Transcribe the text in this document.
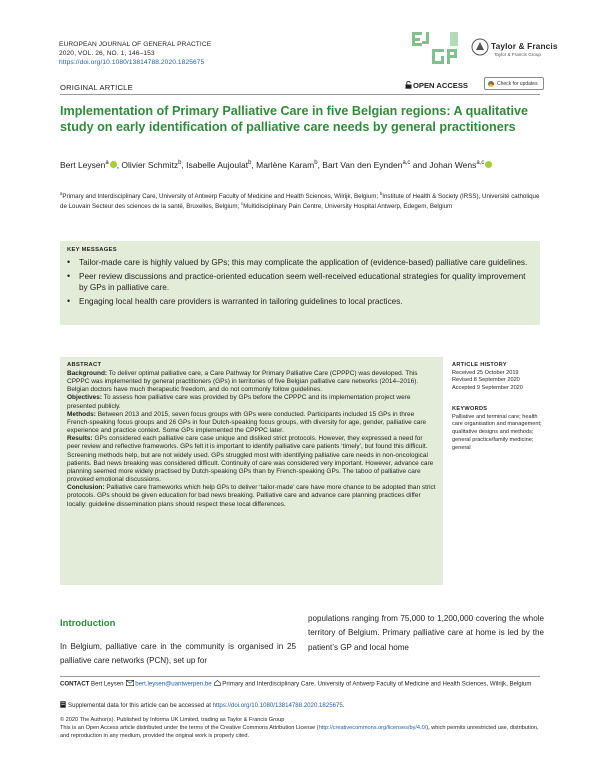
EUROPEAN JOURNAL OF GENERAL PRACTICE
2020, VOL. 26, NO. 1, 146–153
https://doi.org/10.1080/13814788.2020.1825675
Taylor & Francis
Taylor & Francis Group
ORIGINAL ARTICLE	OPEN ACCESS	Check for updates
Implementation of Primary Palliative Care in five Belgian regions: A qualitative study on early identification of palliative care needs by general practitioners
Bert Leysen$^a$ , Olivier Schmitz$^b$, Isabelle Aujoulat$^b$, Marlène Karam$^b$, Bart Van den Eynden$^{a,c}$ and Johan Wens$^{a,c}$
$^a$Primary and Interdisciplinary Care, University of Antwerp Faculty of Medicine and Health Sciences, Wilrijk, Belgium; $^b$Institute of Health & Society (IRSS), Université catholique de Louvain Secteur des sciences de la santé, Bruxelles, Belgium; $^c$Multidisciplinary Pain Centre, University Hospital Antwerp, Edegem, Belgium
KEY MESSAGES
• Tailor-made care is highly valued by GPs; this may complicate the application of (evidence-based) palliative care guidelines.
• Peer review discussions and practice-oriented education seem well-received educational strategies for quality improvement by GPs in palliative care.
• Engaging local health care providers is warranted in tailoring guidelines to local practices.
ABSTRACT

Background: To deliver optimal palliative care, a Care Pathway for Primary Palliative Care (CPPPC) was developed. This CPPPC was implemented by general practitioners (GPs) in territories of five Belgian palliative care networks (2014–2016). Belgian doctors have much therapeutic freedom, and do not commonly follow guidelines.

Objectives: To assess how palliative care was provided by GPs before the CPPPC and its implementation project were presented publicly.

Methods: Between 2013 and 2015, seven focus groups with GPs were conducted. Participants included 15 GPs in three French-speaking focus groups and 26 GPs in four Dutch-speaking focus groups, with diversity for age, gender, palliative care experience and practice context. Some GPs implemented the CPPPC later.

Results: GPs considered each palliative care case unique and disliked strict protocols. However, they expressed a need for peer review and reflective frameworks. GPs felt it is important to identify palliative care patients ‘timely’, but found this difficult. Screening methods help, but are not widely used. GPs struggled most with identifying palliative care needs in non-oncological patients. Bad news breaking was considered difficult. Continuity of care was considered very important. However, advance care planning seemed more widely practised by Dutch-speaking GPs than by French-speaking GPs. The taboo of palliative care provoked emotional discussions.

Conclusion: Palliative care frameworks which help GPs to deliver ‘tailor-made’ care have more chance to be adopted than strict protocols. GPs should be given education for bad news breaking. Palliative care and advance care planning practices differ locally: guideline dissemination plans should respect these local differences.

ARTICLE HISTORY
Received 25 October 2019
Revised 8 September 2020
Accepted 9 September 2020
KEYWORDS
Palliative and terminal care; health care organisation and management; qualitative designs and methods; general practice/family medicine; general
Introduction
In Belgium, palliative care in the community is organised in 25 palliative care networks (PCN), set up for
populations ranging from 75,000 to 1,200,000 covering the whole territory of Belgium. Primary palliative care at home is led by the patient’s GP and local home
CONTACT Bert Leysen bert.leysen@uantwerpen.be Primary and Interdisciplinary Care, University of Antwerp Faculty of Medicine and Health Sciences, Wilrijk, Belgium
Supplemental data for this article can be accessed at https://doi.org/10.1080/13814788.2020.1825675.
© 2020 The Author(s). Published by Informa UK Limited, trading as Taylor & Francis Group
This is an Open Access article distributed under the terms of the Creative Commons Attribution License (http://creativecommons.org/licenses/by/4.0/), which permits unrestricted use, distribution, and reproduction in any medium, provided the original work is properly cited.
